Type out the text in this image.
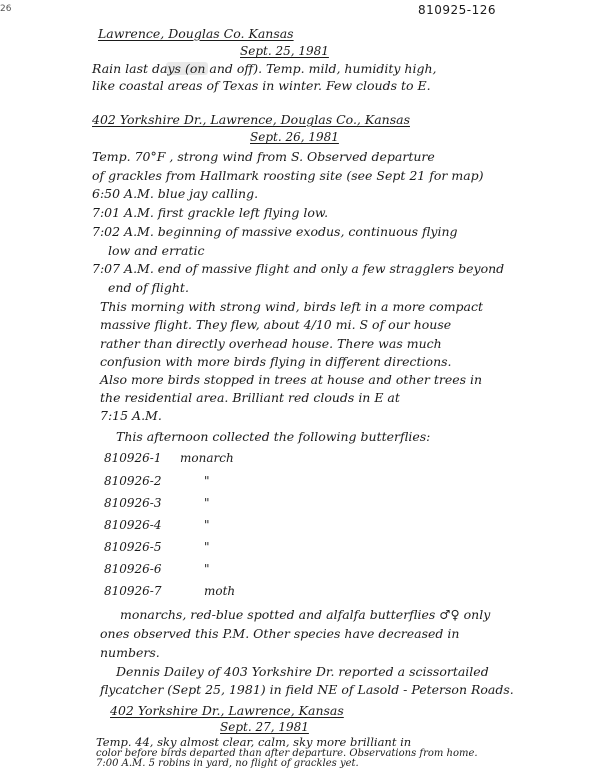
26	810925-126
Lawrence, Douglas Co. Kansas
Sept. 25, 1981
Rain last days (on and off). Temp. mild, humidity high,
like coastal areas of Texas in winter. Few clouds to E.
402 Yorkshire Dr., Lawrence, Douglas Co., Kansas
Sept. 26, 1981
Temp. 70°F , strong wind from S. Observed departure
of grackles from Hallmark roosting site (see Sept 21 for map)
6:50 A.M. blue jay calling.
7:01 A.M. first grackle left flying low.
7:02 A.M. beginning of massive exodus, continuous flying
low and erratic
7:07 A.M. end of massive flight and only a few stragglers beyond
end of flight.
This morning with strong wind, birds left in a more compact
massive flight. They flew, about 4/10 mi. S of our house
rather than directly overhead house. There was much
confusion with more birds flying in different directions.
Also more birds stopped in trees at house and other trees in
the residential area. Brilliant red clouds in E at
7:15 A.M.
This afternoon collected the following butterflies:
810926-1 monarch
810926-2	"
810926-3	"
810926-4	"
810926-5	"
810926-6	"
810926-7	moth
monarchs, red-blue spotted and alfalfa butterflies ♂♀ only
ones observed this P.M. Other species have decreased in
numbers.
Dennis Dailey of 403 Yorkshire Dr. reported a scissortailed
flycatcher (Sept 25, 1981) in field NE of Lasold - Peterson Roads.
402 Yorkshire Dr., Lawrence, Kansas
Sept. 27, 1981
Temp. 44, sky almost clear, calm, sky more brilliant in
color before birds departed than after departure. Observations from home.
7:00 A.M. 5 robins in yard, no flight of grackles yet.
